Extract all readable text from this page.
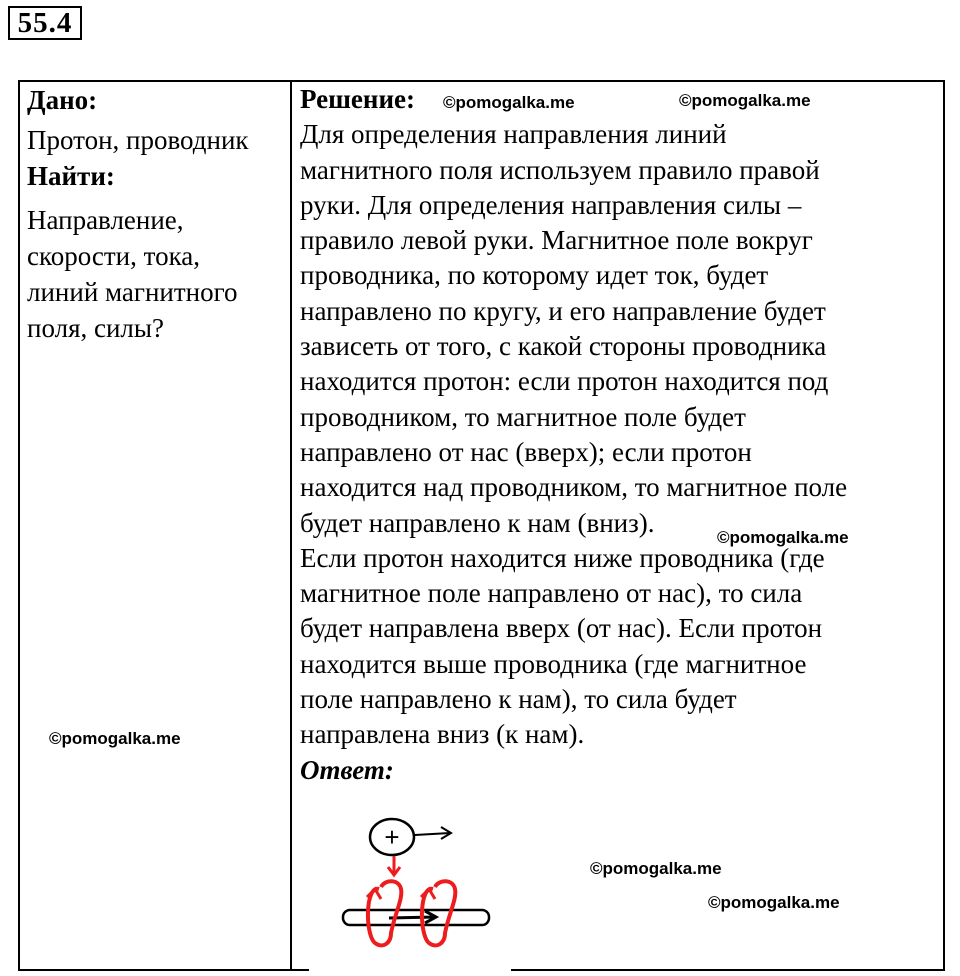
55.4
Дано:
Протон, проводник
Найти:
Направление,
скорости, тока,
линий магнитного
поля, силы?
Решение:
Для определения направления линий
магнитного поля используем правило правой
руки. Для определения направления силы –
правило левой руки. Магнитное поле вокруг
проводника, по которому идет ток, будет
направлено по кругу, и его направление будет
зависеть от того, с какой стороны проводника
находится протон: если протон находится под
проводником, то магнитное поле будет
направлено от нас (вверх); если протон
находится над проводником, то магнитное поле
будет направлено к нам (вниз).
Если протон находится ниже проводника (где
магнитное поле направлено от нас), то сила
будет направлена вверх (от нас). Если протон
находится выше проводника (где магнитное
поле направлено к нам), то сила будет
направлена вниз (к нам).
Ответ:
©pomogalka.me	©pomogalka.me
©pomogalka.me
©pomogalka.me
©pomogalka.me
©pomogalka.me
+
